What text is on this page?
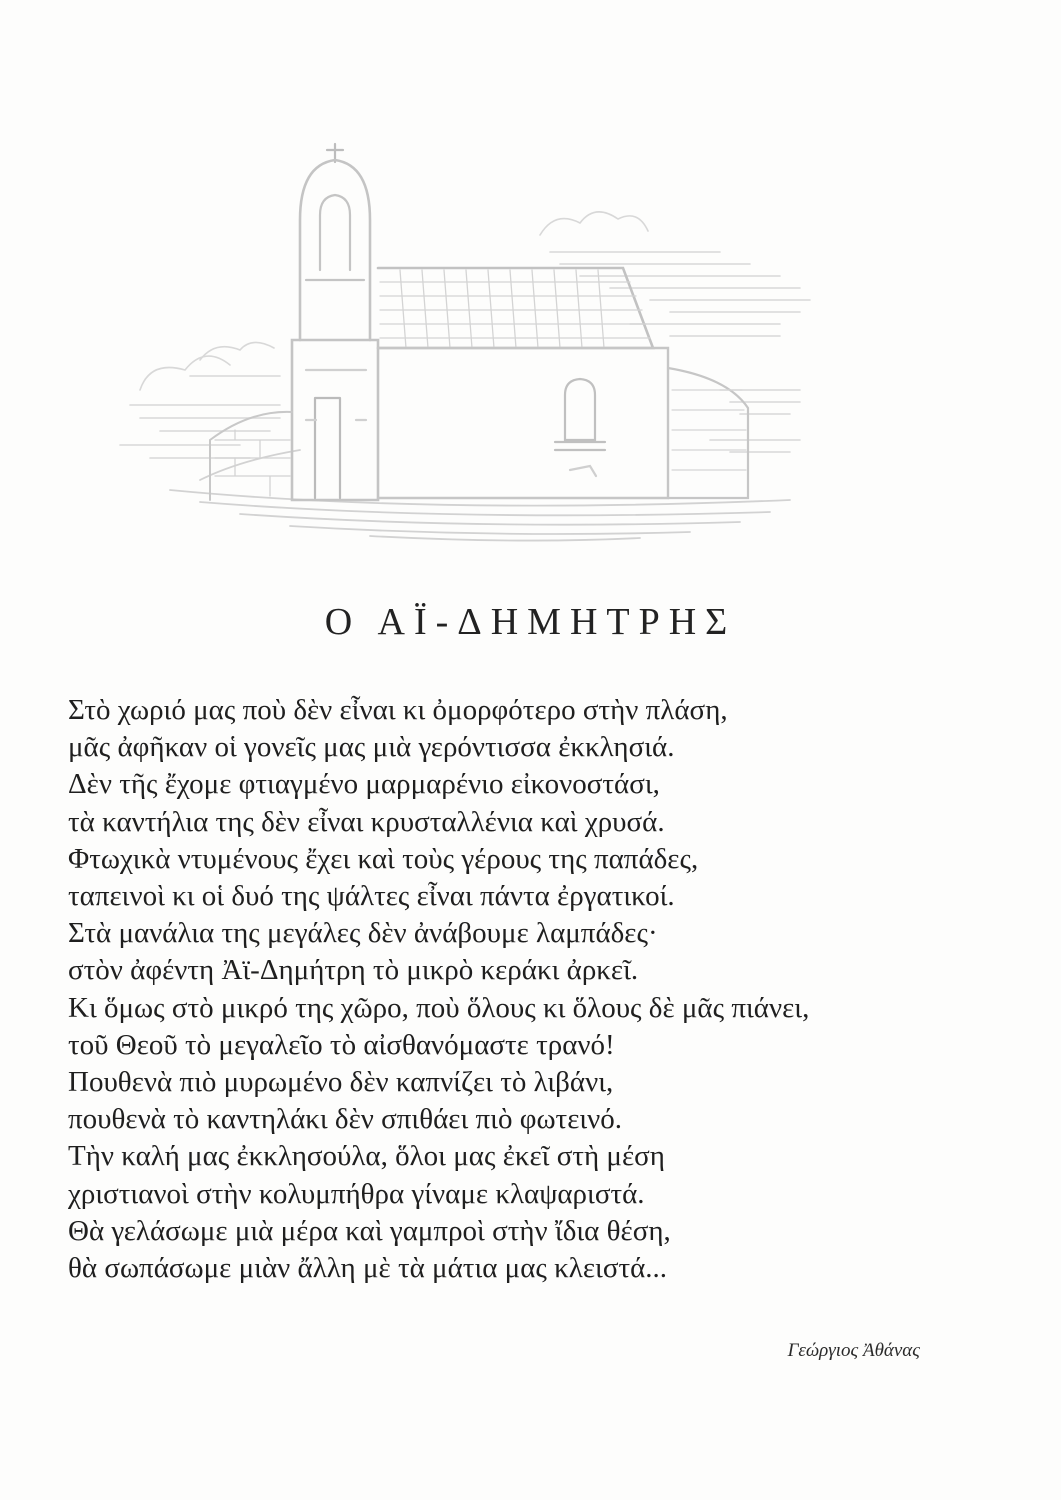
Ο ΑΪ-ΔΗΜΗΤΡΗΣ
Στὸ χωριό μας ποὺ δὲν εἶναι κι ὀμορφότερο στὴν πλάση,
μᾶς ἀφῆκαν οἱ γονεῖς μας μιὰ γερόντισσα ἐκκλησιά.
Δὲν τῆς ἔχομε φτιαγμένο μαρμαρένιο εἰκονοστάσι,
τὰ καντήλια της δὲν εἶναι κρυσταλλένια καὶ χρυσά.
Φτωχικὰ ντυμένους ἔχει καὶ τοὺς γέρους της παπάδες,
ταπεινοὶ κι οἱ δυό της ψάλτες εἶναι πάντα ἐργατικοί.
Στὰ μανάλια της μεγάλες δὲν ἀνάβουμε λαμπάδες·
στὸν ἀφέντη Ἀϊ-Δημήτρη τὸ μικρὸ κεράκι ἀρκεῖ.
Κι ὅμως στὸ μικρό της χῶρο, ποὺ ὅλους κι ὅλους δὲ μᾶς πιάνει,
τοῦ Θεοῦ τὸ μεγαλεῖο τὸ αἰσθανόμαστε τρανό!
Πουθενὰ πιὸ μυρωμένο δὲν καπνίζει τὸ λιβάνι,
πουθενὰ τὸ καντηλάκι δὲν σπιθάει πιὸ φωτεινό.
Τὴν καλή μας ἐκκλησούλα, ὅλοι μας ἐκεῖ στὴ μέση
χριστιανοὶ στὴν κολυμπήθρα γίναμε κλαψαριστά.
Θὰ γελάσωμε μιὰ μέρα καὶ γαμπροὶ στὴν ἴδια θέση,
θὰ σωπάσωμε μιὰν ἄλλη μὲ τὰ μάτια μας κλειστά...

Γεώργιος Ἀθάνας
